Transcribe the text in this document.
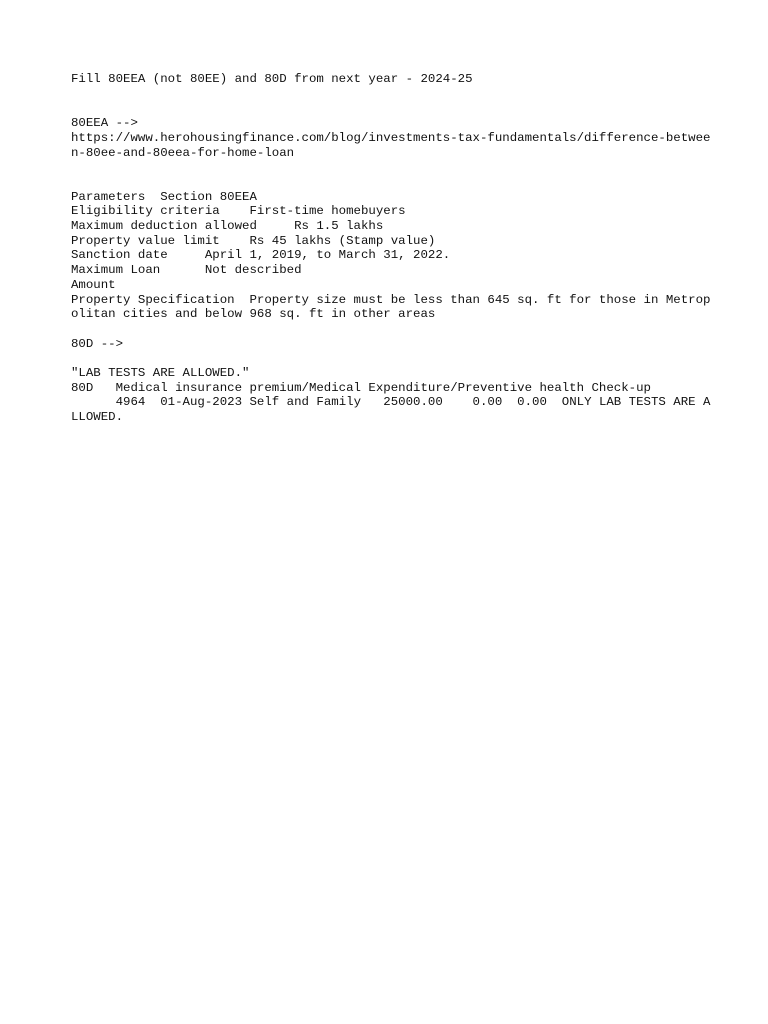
Fill 80EEA (not 80EE) and 80D from next year - 2024-25
80EEA -->
https://www.herohousingfinance.com/blog/investments-tax-fundamentals/difference-between-80ee-and-80eea-for-home-loan
Parameters  Section 80EEA
Eligibility criteria    First-time homebuyers
Maximum deduction allowed     Rs 1.5 lakhs
Property value limit    Rs 45 lakhs (Stamp value)
Sanction date     April 1, 2019, to March 31, 2022.
Maximum Loan      Not described
Amount
Property Specification  Property size must be less than 645 sq. ft for those in Metropolitan cities and below 968 sq. ft in other areas
80D -->
"LAB TESTS ARE ALLOWED."
80D   Medical insurance premium/Medical Expenditure/Preventive health Check-up
4964  01-Aug-2023 Self and Family   25000.00    0.00  0.00  ONLY LAB TESTS ARE ALLOWED.
